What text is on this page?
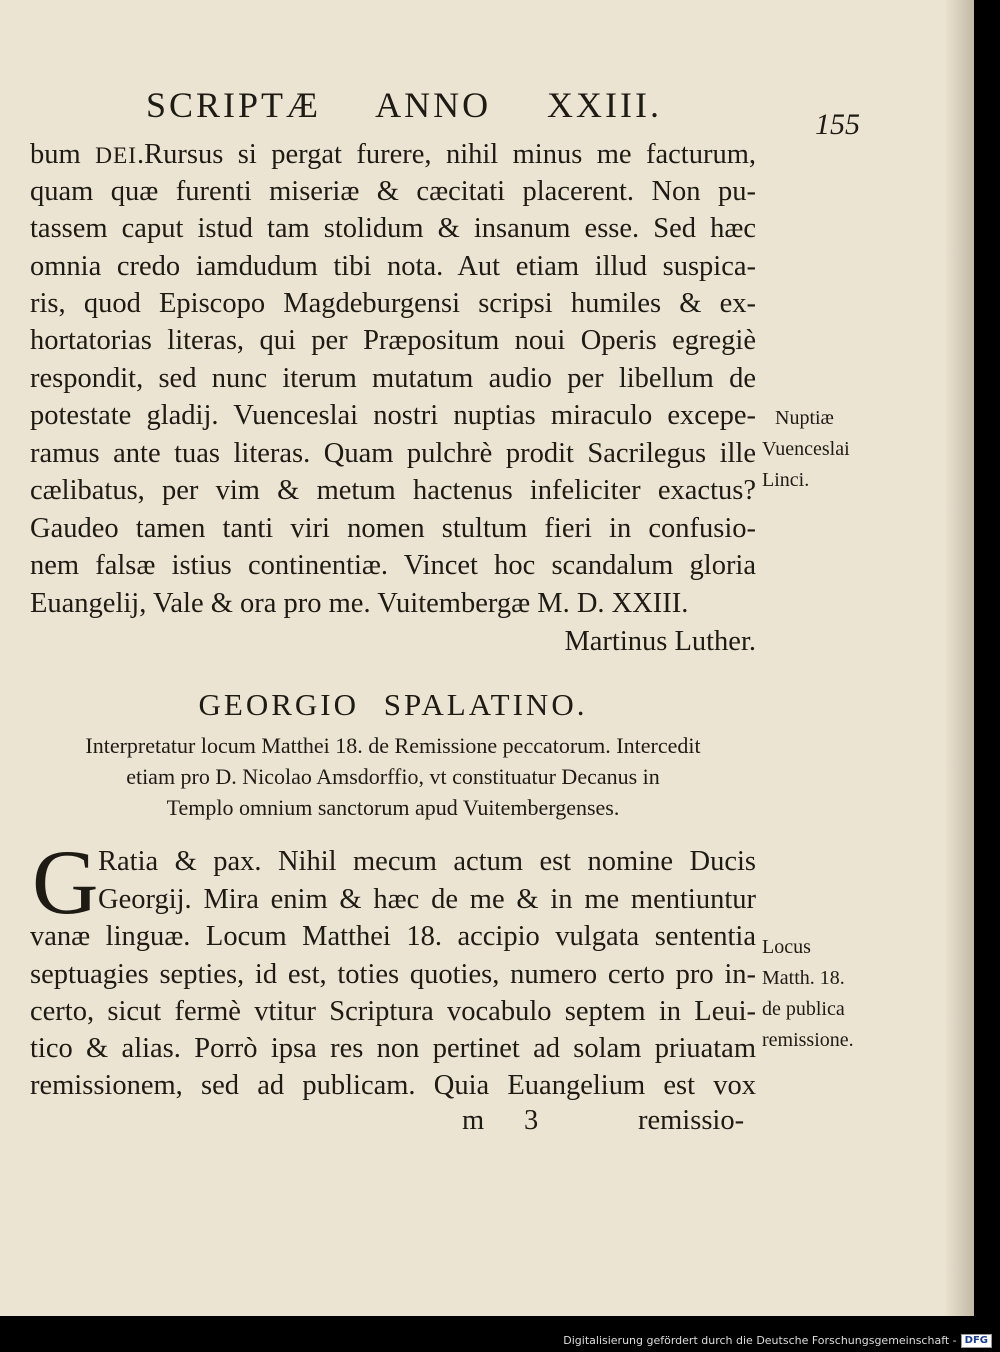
SCRIPTÆ ANNO XXIII.	155
bum DEI.Rursus si pergat furere, nihil minus me facturum,
quam quæ furenti miseriæ & cæcitati placerent. Non pu-
tassem caput istud tam stolidum & insanum esse. Sed hæc
omnia credo iamdudum tibi nota. Aut etiam illud suspica-
ris, quod Episcopo Magdeburgensi scripsi humiles & ex-
hortatorias literas, qui per Præpositum noui Operis egregiè
respondit, sed nunc iterum mutatum audio per libellum de
potestate gladij. Vuenceslai nostri nuptias miraculo excepe-
ramus ante tuas literas. Quam pulchrè prodit Sacrilegus ille
cælibatus, per vim & metum hactenus infeliciter exactus?
Gaudeo tamen tanti viri nomen stultum fieri in confusio-
nem falsæ istius continentiæ. Vincet hoc scandalum gloria
Euangelij, Vale & ora pro me. Vuitembergæ M. D. XXIII.
Martinus Luther.
Nuptiæ
Vuenceslai
Linci.
GEORGIO SPALATINO.
Interpretatur locum Matthei 18. de Remissione peccatorum. Intercedit
etiam pro D. Nicolao Amsdorffio, vt constituatur Decanus in
Templo omnium sanctorum apud Vuitembergenses.
G Ratia & pax. Nihil mecum actum est nomine Ducis
Georgij. Mira enim & hæc de me & in me mentiuntur
vanæ linguæ. Locum Matthei 18. accipio vulgata sententia
septuagies septies, id est, toties quoties, numero certo pro in-
certo, sicut fermè vtitur Scriptura vocabulo septem in Leui-
tico & alias. Porrò ipsa res non pertinet ad solam priuatam
remissionem, sed ad publicam. Quia Euangelium est vox
Locus
Matth. 18.
de publica
remissione.
m 3	remissio-
Digitalisierung gefördert durch die Deutsche Forschungsgemeinschaft - DFG
